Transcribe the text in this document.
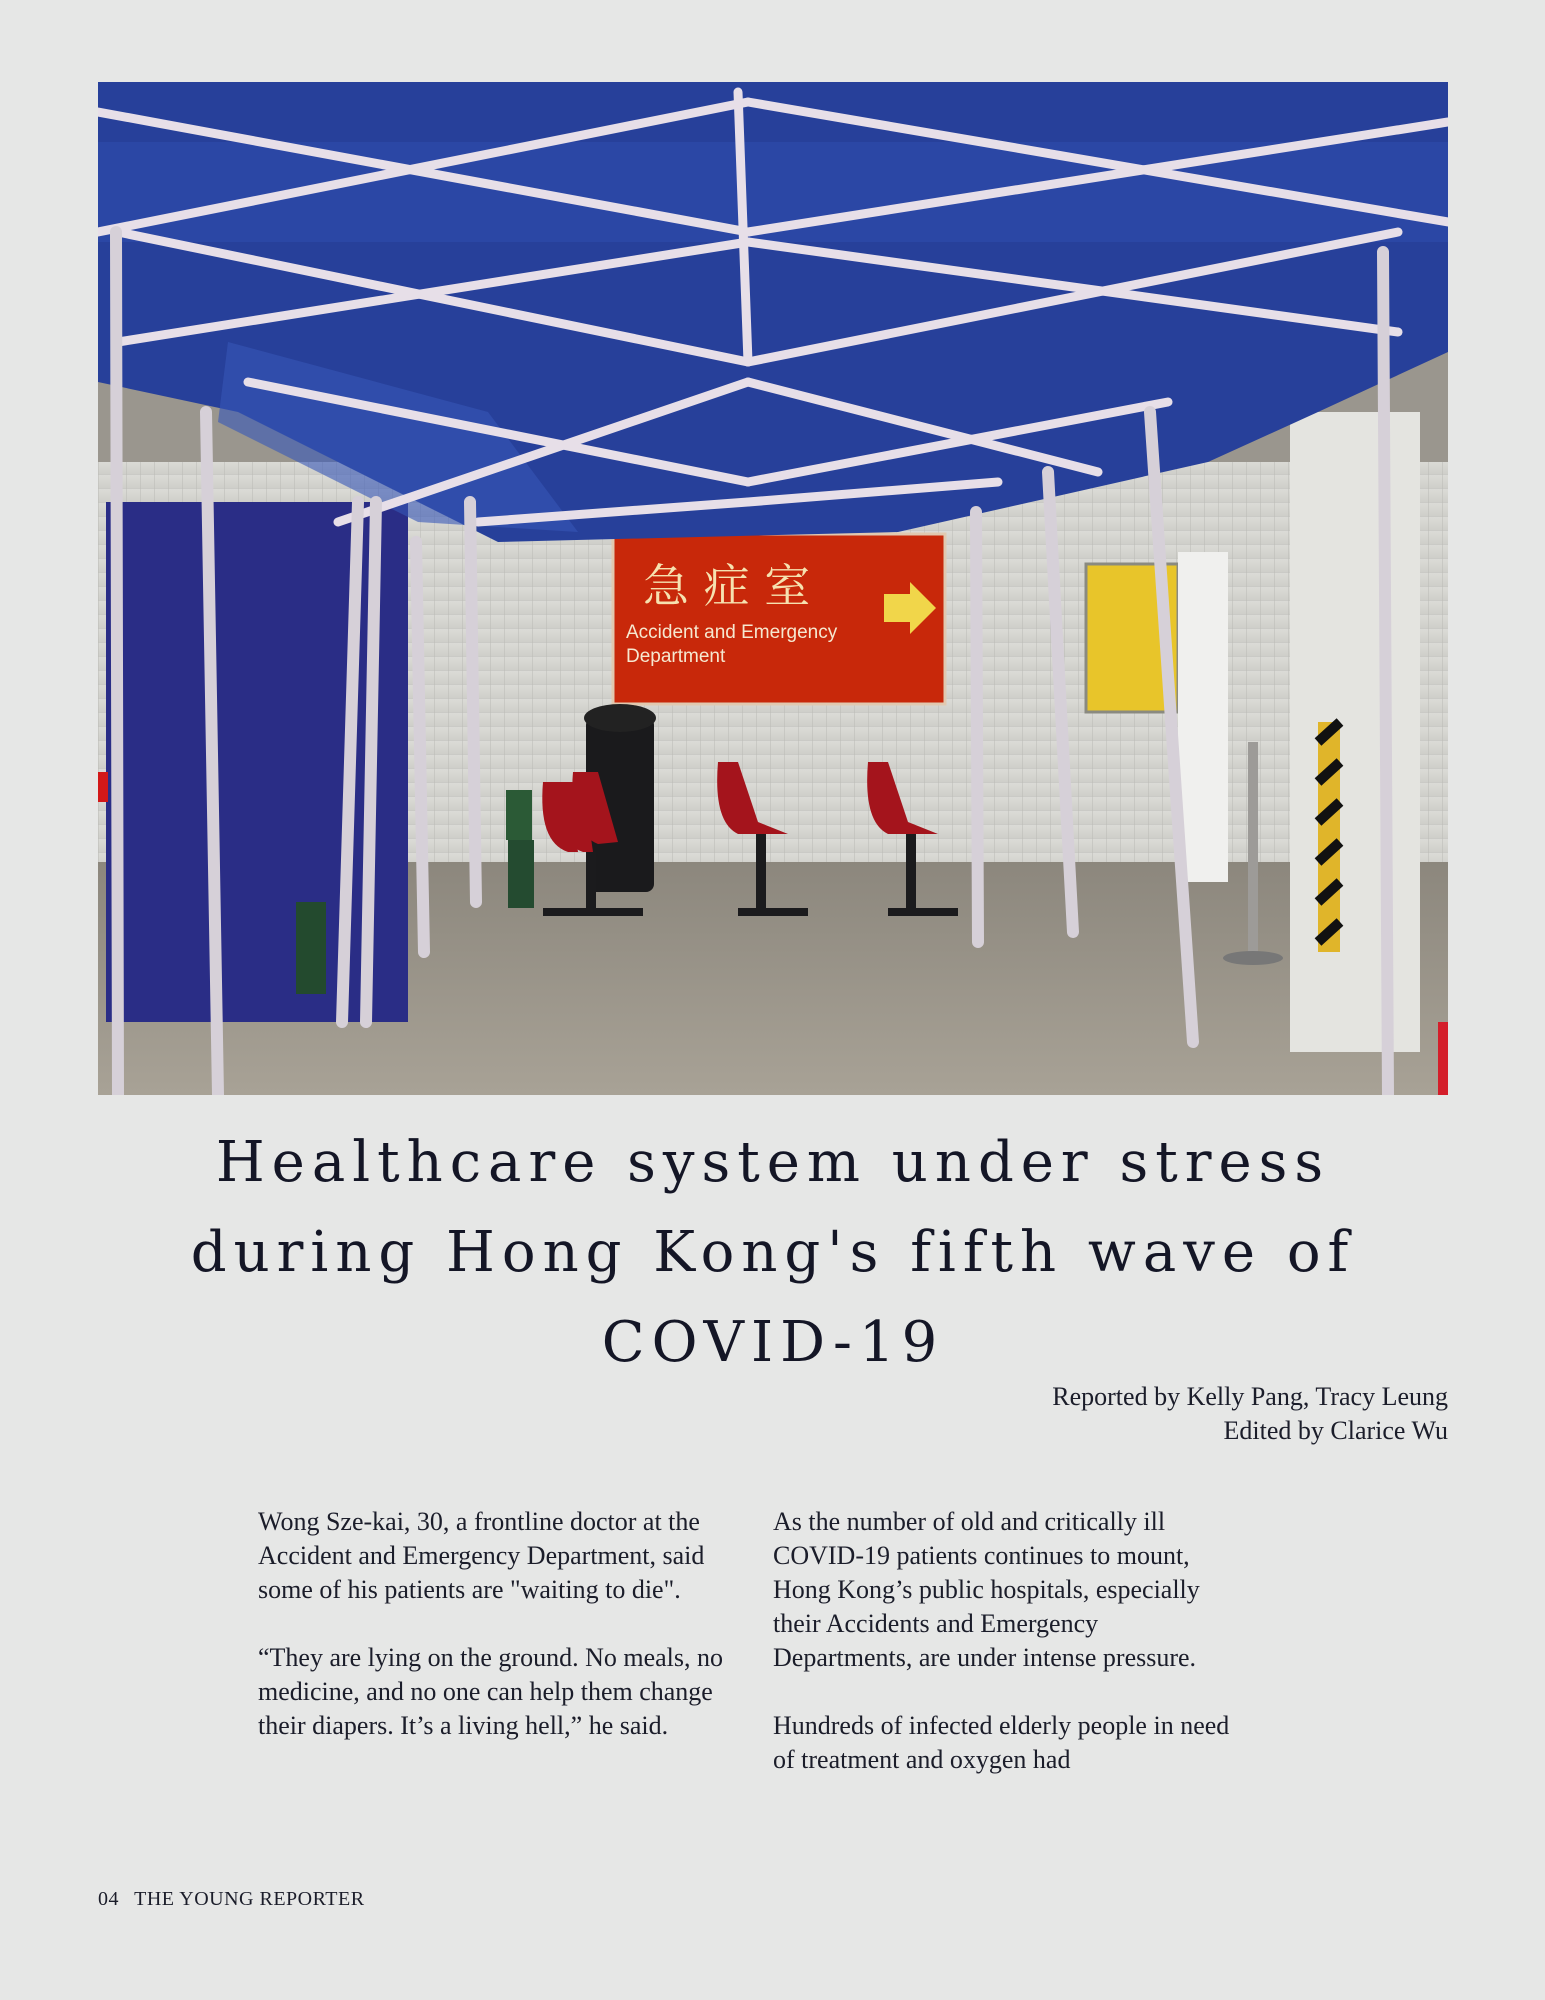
急 症 室
Accident and Emergency
Department
Healthcare system under stress during Hong Kong's fifth wave of COVID-19
Reported by Kelly Pang, Tracy Leung
Edited by Clarice Wu

Wong Sze-kai, 30, a frontline doctor at the Accident and Emergency Department, said some of his patients are "waiting to die".

“They are lying on the ground. No meals, no medicine, and no one can help them change their diapers. It’s a living hell,” he said.

As the number of old and critically ill COVID-19 patients continues to mount, Hong Kong’s public hospitals, especially their Accidents and Emergency Departments, are under intense pressure.

Hundreds of infected elderly people in need of treatment and oxygen had

04 THE YOUNG REPORTER
